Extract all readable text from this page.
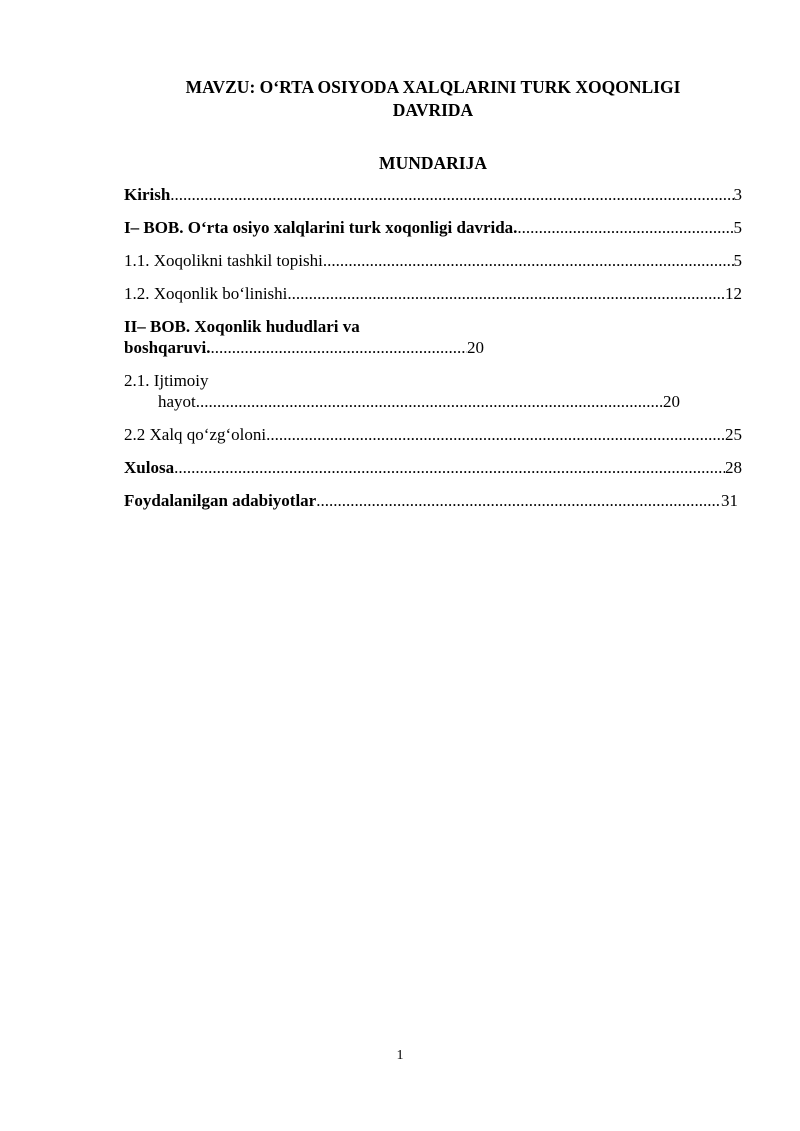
MAVZU: O‘RTA OSIYODA XALQLARINI TURK XOQONLIGI
DAVRIDA
MUNDARIJA
Kirish .....	3
I– BOB. O‘rta osiyo xalqlarini turk xoqonligi davrida. .....	5
1.1. Xoqolikni tashkil topishi .....	5
1.2. Xoqonlik bo‘linishi .....	12
II– BOB. Xoqonlik hududlari va
boshqaruvi. .....	20
2.1. Ijtimoiy
hayot .....	20
2.2 Xalq qo‘zg‘oloni .....	25
Xulosa .....	28
Foydalanilgan adabiyotlar .....	31
1
